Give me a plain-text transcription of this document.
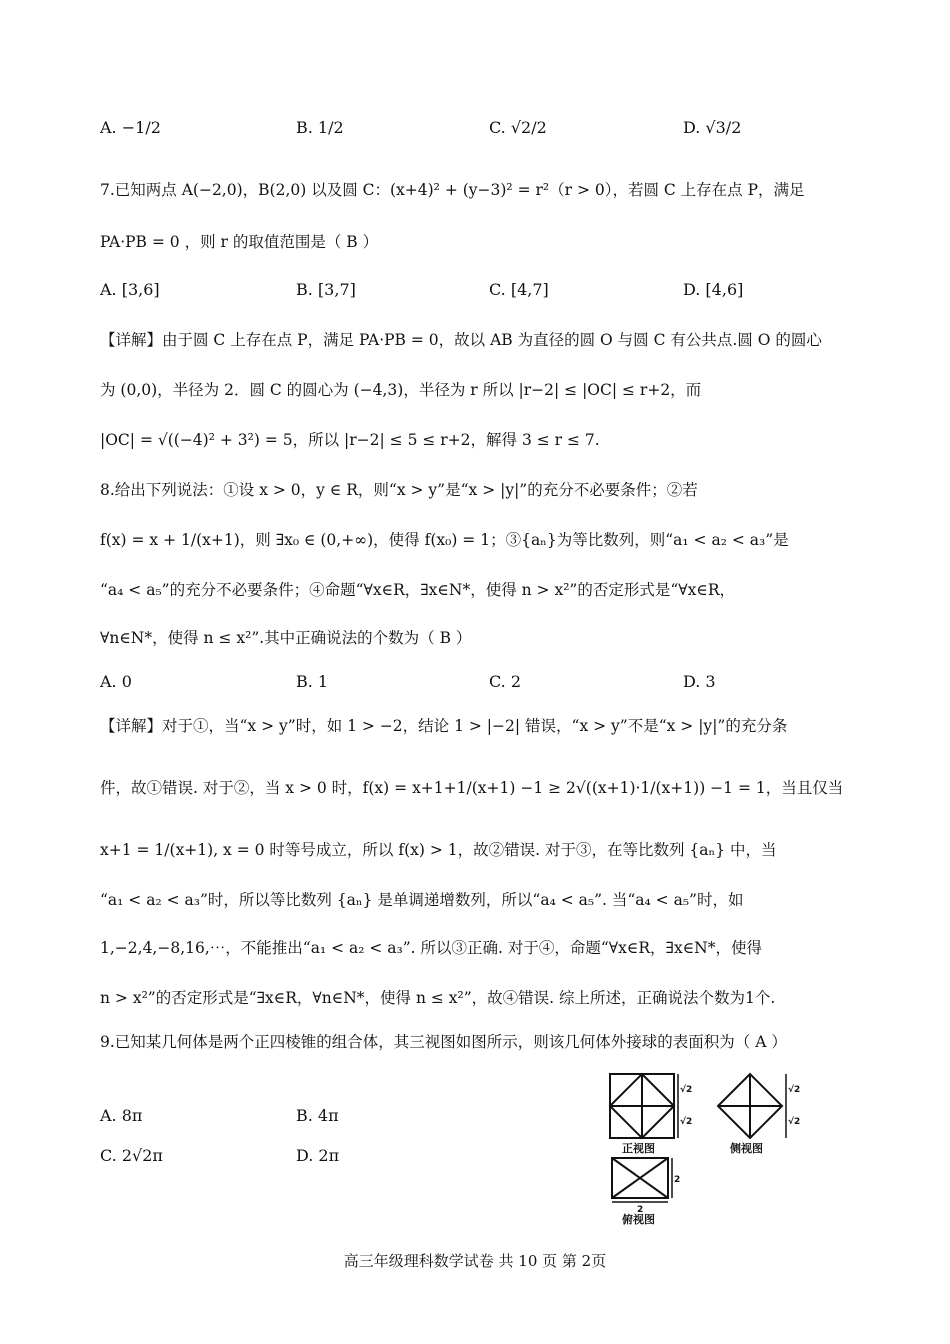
A. −1/2	B. 1/2	C. √2/2	D. √3/2
7.已知两点 A(−2,0)，B(2,0) 以及圆 C：(x+4)² + (y−3)² = r²（r > 0），若圆 C 上存在点 P，满足
PA·PB = 0 ，则 r 的取值范围是（ B ）
A. [3,6]	B. [3,7]	C. [4,7]	D. [4,6]
【详解】由于圆 C 上存在点 P，满足 PA·PB = 0，故以 AB 为直径的圆 O 与圆 C 有公共点.圆 O 的圆心
为 (0,0)，半径为 2．圆 C 的圆心为 (−4,3)，半径为 r 所以 |r−2| ≤ |OC| ≤ r+2，而
|OC| = √((−4)² + 3²) = 5，所以 |r−2| ≤ 5 ≤ r+2，解得 3 ≤ r ≤ 7.
8.给出下列说法：①设 x > 0，y ∈ R，则“x > y”是“x > |y|”的充分不必要条件；②若
f(x) = x + 1/(x+1)，则 ∃x₀ ∈ (0,+∞)，使得 f(x₀) = 1；③{aₙ}为等比数列，则“a₁ < a₂ < a₃”是
“a₄ < a₅”的充分不必要条件；④命题“∀x∈R，∃x∈N*，使得 n > x²”的否定形式是“∀x∈R，
∀n∈N*，使得 n ≤ x²”.其中正确说法的个数为（ B ）
A. 0	B. 1	C. 2	D. 3
【详解】对于①，当“x > y”时，如 1 > −2，结论 1 > |−2| 错误，“x > y”不是“x > |y|”的充分条
件，故①错误. 对于②，当 x > 0 时，f(x) = x+1+1/(x+1) −1 ≥ 2√((x+1)·1/(x+1)) −1 = 1，当且仅当
x+1 = 1/(x+1), x = 0 时等号成立，所以 f(x) > 1，故②错误. 对于③，在等比数列 {aₙ} 中，当
“a₁ < a₂ < a₃”时，所以等比数列 {aₙ} 是单调递增数列，所以“a₄ < a₅”. 当“a₄ < a₅”时，如
1,−2,4,−8,16,⋯，不能推出“a₁ < a₂ < a₃”. 所以③正确. 对于④，命题“∀x∈R，∃x∈N*，使得
n > x²”的否定形式是“∃x∈R，∀n∈N*，使得 n ≤ x²”，故④错误. 综上所述，正确说法个数为1个.
9.已知某几何体是两个正四棱锥的组合体，其三视图如图所示，则该几何体外接球的表面积为（ A ）
A. 8π	B. 4π
C. 2√2π	D. 2π
√2
√2
√2
√2
2
2
正视图	侧视图
俯视图
高三年级理科数学试卷 共 10 页 第 2页
